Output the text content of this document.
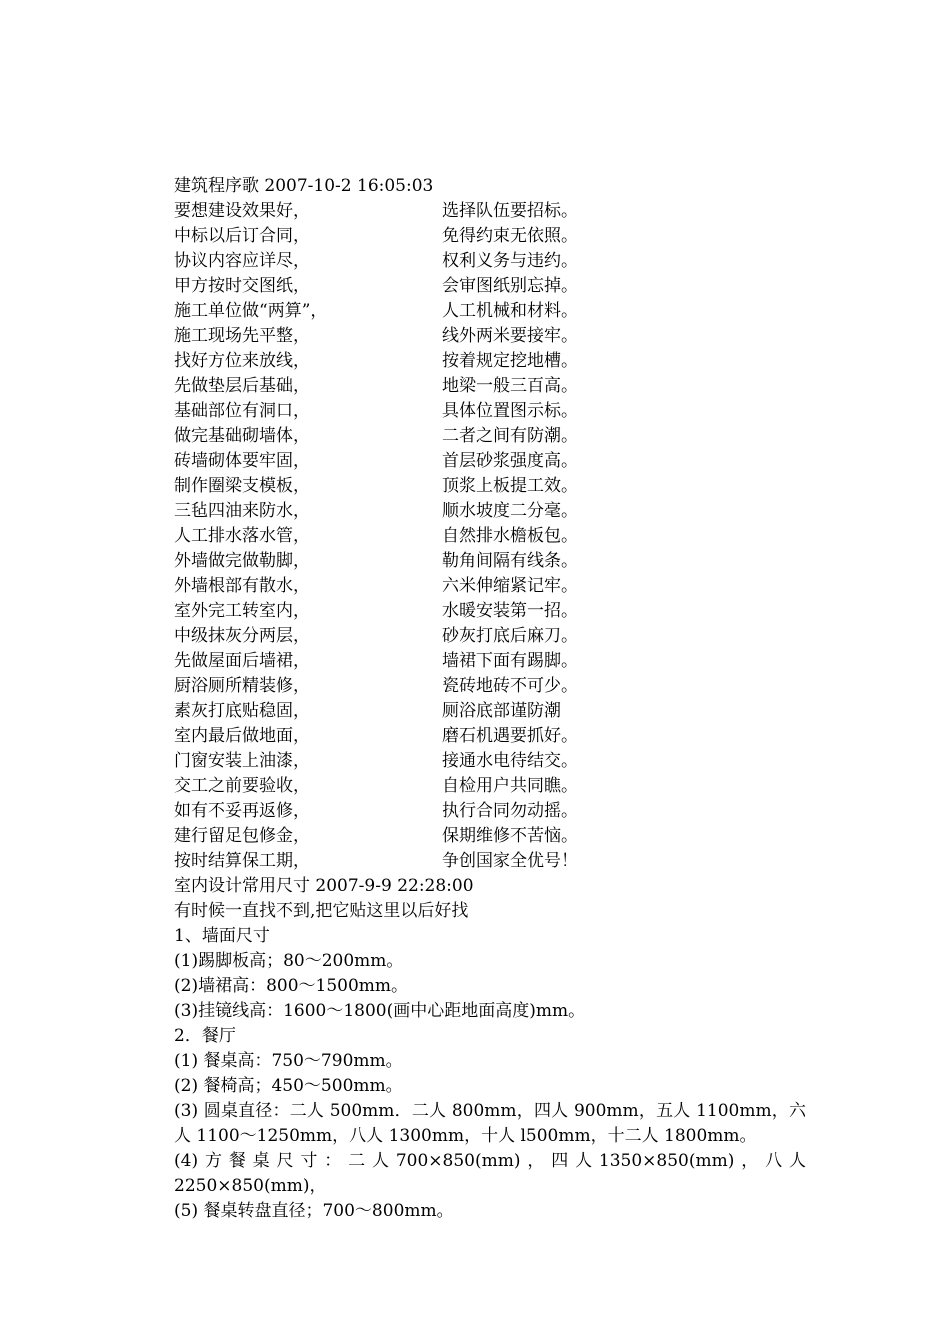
建筑程序歌 2007-10-2 16:05:03
要想建设效果好，	选择队伍要招标。
中标以后订合同，	免得约束无依照。
协议内容应详尽，	权利义务与违约。
甲方按时交图纸，	会审图纸别忘掉。
施工单位做“两算”，	人工机械和材料。
施工现场先平整，	线外两米要接牢。
找好方位来放线，	按着规定挖地槽。
先做垫层后基础，	地梁一般三百高。
基础部位有洞口，	具体位置图示标。
做完基础砌墙体，	二者之间有防潮。
砖墙砌体要牢固，	首层砂浆强度高。
制作圈梁支模板，	顶浆上板提工效。
三毡四油来防水，	顺水坡度二分毫。
人工排水落水管，	自然排水檐板包。
外墙做完做勒脚，	勒角间隔有线条。
外墙根部有散水，	六米伸缩紧记牢。
室外完工转室内，	水暖安装第一招。
中级抹灰分两层，	砂灰打底后麻刀。
先做屋面后墙裙，	墙裙下面有踢脚。
厨浴厕所精装修，	瓷砖地砖不可少。
素灰打底贴稳固，	厕浴底部谨防潮
室内最后做地面，	磨石机遇要抓好。
门窗安装上油漆，	接通水电待结交。
交工之前要验收，	自检用户共同瞧。
如有不妥再返修，	执行合同勿动摇。
建行留足包修金，	保期维修不苦恼。
按时结算保工期，	争创国家全优号！
室内设计常用尺寸 2007-9-9 22:28:00
有时候一直找不到,把它贴这里以后好找
1、墙面尺寸
(1)踢脚板高；80～200mm。
(2)墙裙高：800～1500mm。
(3)挂镜线高：1600～1800(画中心距地面高度)mm。
2．餐厅
(1) 餐桌高：750～790mm。
(2) 餐椅高；450～500mm。
(3) 圆桌直径：二人 500mm．二人 800mm，四人 900mm，五人 1100mm，六人 1100～1250mm，八人 1300mm，十人 l500mm，十二人 1800mm。
(4) 方 餐 桌 尺 寸 ： 二 人 700×850(mm) ， 四 人 1350×850(mm) ， 八 人
2250×850(mm)，
(5) 餐桌转盘直径；700～800mm。
